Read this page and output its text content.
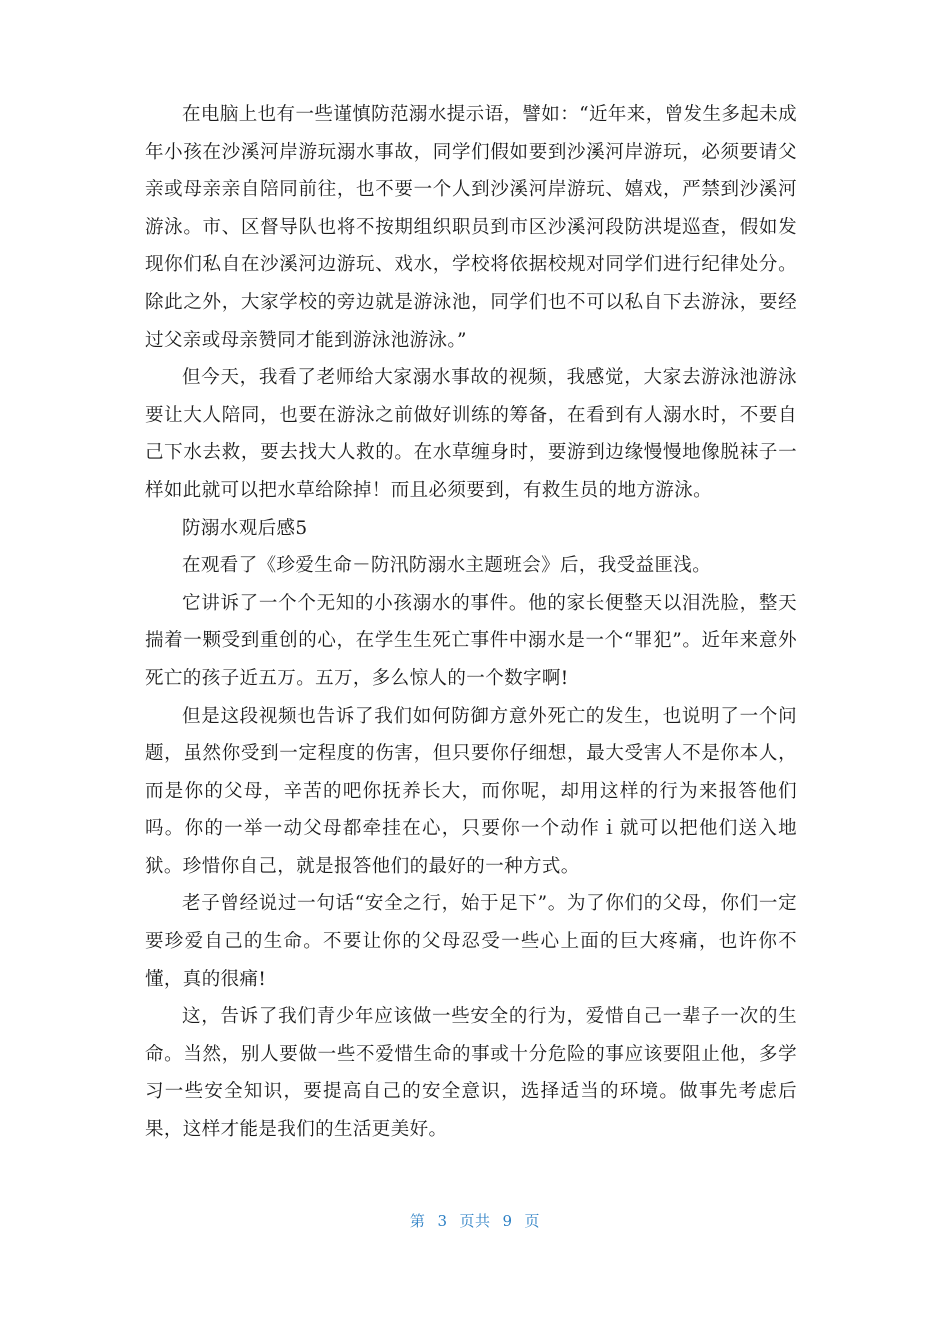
在电脑上也有一些谨慎防范溺水提示语，譬如：“近年来，曾发生多起未成年小孩在沙溪河岸游玩溺水事故，同学们假如要到沙溪河岸游玩，必须要请父亲或母亲亲自陪同前往，也不要一个人到沙溪河岸游玩、嬉戏，严禁到沙溪河游泳。市、区督导队也将不按期组织职员到市区沙溪河段防洪堤巡查，假如发现你们私自在沙溪河边游玩、戏水，学校将依据校规对同学们进行纪律处分。除此之外，大家学校的旁边就是游泳池，同学们也不可以私自下去游泳，要经过父亲或母亲赞同才能到游泳池游泳。”

但今天，我看了老师给大家溺水事故的视频，我感觉，大家去游泳池游泳要让大人陪同，也要在游泳之前做好训练的筹备，在看到有人溺水时，不要自己下水去救，要去找大人救的。在水草缠身时，要游到边缘慢慢地像脱袜子一样如此就可以把水草给除掉！而且必须要到，有救生员的地方游泳。

防溺水观后感5

在观看了《珍爱生命－防汛防溺水主题班会》后，我受益匪浅。

它讲诉了一个个无知的小孩溺水的事件。他的家长便整天以泪洗脸，整天揣着一颗受到重创的心，在学生生死亡事件中溺水是一个“罪犯”。近年来意外死亡的孩子近五万。五万，多么惊人的一个数字啊!

但是这段视频也告诉了我们如何防御方意外死亡的发生，也说明了一个问题，虽然你受到一定程度的伤害，但只要你仔细想，最大受害人不是你本人，而是你的父母，辛苦的吧你抚养长大，而你呢，却用这样的行为来报答他们吗。你的一举一动父母都牵挂在心，只要你一个动作ｉ就可以把他们送入地狱。珍惜你自己，就是报答他们的最好的一种方式。

老子曾经说过一句话“安全之行，始于足下”。为了你们的父母，你们一定要珍爱自己的生命。不要让你的父母忍受一些心上面的巨大疼痛，也许你不懂，真的很痛!

这，告诉了我们青少年应该做一些安全的行为，爱惜自己一辈子一次的生命。当然，别人要做一些不爱惜生命的事或十分危险的事应该要阻止他，多学习一些安全知识，要提高自己的安全意识，选择适当的环境。做事先考虑后果，这样才能是我们的生活更美好。

第 3 页共 9 页
